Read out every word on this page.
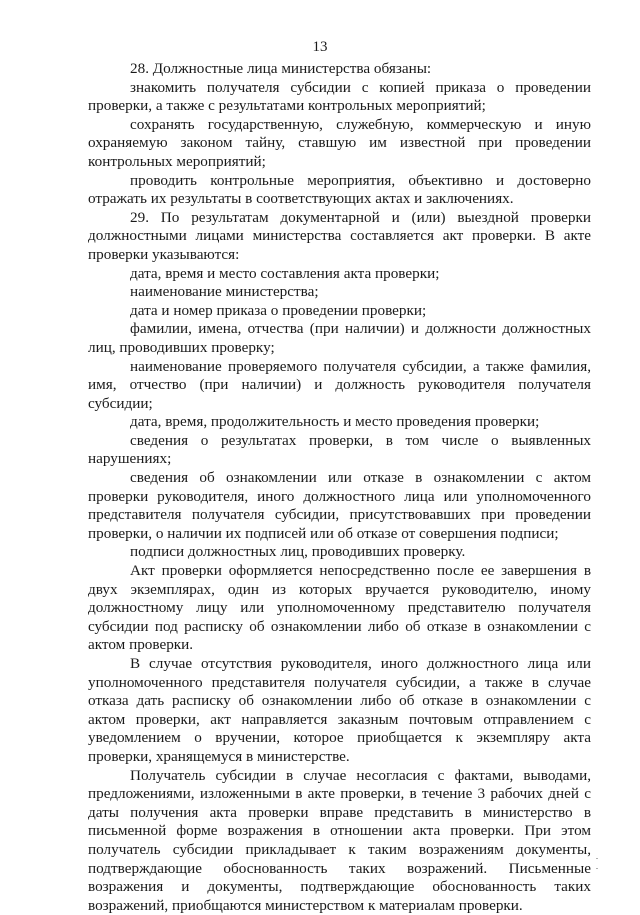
13

28. Должностные лица министерства обязаны:

знакомить получателя субсидии с копией приказа о проведении проверки, а также с результатами контрольных мероприятий;

сохранять государственную, служебную, коммерческую и иную охраняемую законом тайну, ставшую им известной при проведении контрольных мероприятий;

проводить контрольные мероприятия, объективно и достоверно отражать их результаты в соответствующих актах и заключениях.

29. По результатам документарной и (или) выездной проверки должностными лицами министерства составляется акт проверки. В акте проверки указываются:

дата, время и место составления акта проверки;

наименование министерства;

дата и номер приказа о проведении проверки;

фамилии, имена, отчества (при наличии) и должности должностных лиц, проводивших проверку;

наименование проверяемого получателя субсидии, а также фамилия, имя, отчество (при наличии) и должность руководителя получателя субсидии;

дата, время, продолжительность и место проведения проверки;

сведения о результатах проверки, в том числе о выявленных нарушениях;

сведения об ознакомлении или отказе в ознакомлении с актом проверки руководителя, иного должностного лица или уполномоченного представителя получателя субсидии, присутствовавших при проведении проверки, о наличии их подписей или об отказе от совершения подписи;

подписи должностных лиц, проводивших проверку.

Акт проверки оформляется непосредственно после ее завершения в двух экземплярах, один из которых вручается руководителю, иному должностному лицу или уполномоченному представителю получателя субсидии под расписку об ознакомлении либо об отказе в ознакомлении с актом проверки.

В случае отсутствия руководителя, иного должностного лица или уполномоченного представителя получателя субсидии, а также в случае отказа дать расписку об ознакомлении либо об отказе в ознакомлении с актом проверки, акт направляется заказным почтовым отправлением с уведомлением о вручении, которое приобщается к экземпляру акта проверки, хранящемуся в министерстве.

Получатель субсидии в случае несогласия с фактами, выводами, предложениями, изложенными в акте проверки, в течение 3 рабочих дней с даты получения акта проверки вправе представить в министерство в письменной форме возражения в отношении акта проверки. При этом получатель субсидии прикладывает к таким возражениям документы, подтверждающие обоснованность таких возражений. Письменные возражения и документы, подтверждающие обоснованность таких возражений, приобщаются министерством к материалам проверки.
